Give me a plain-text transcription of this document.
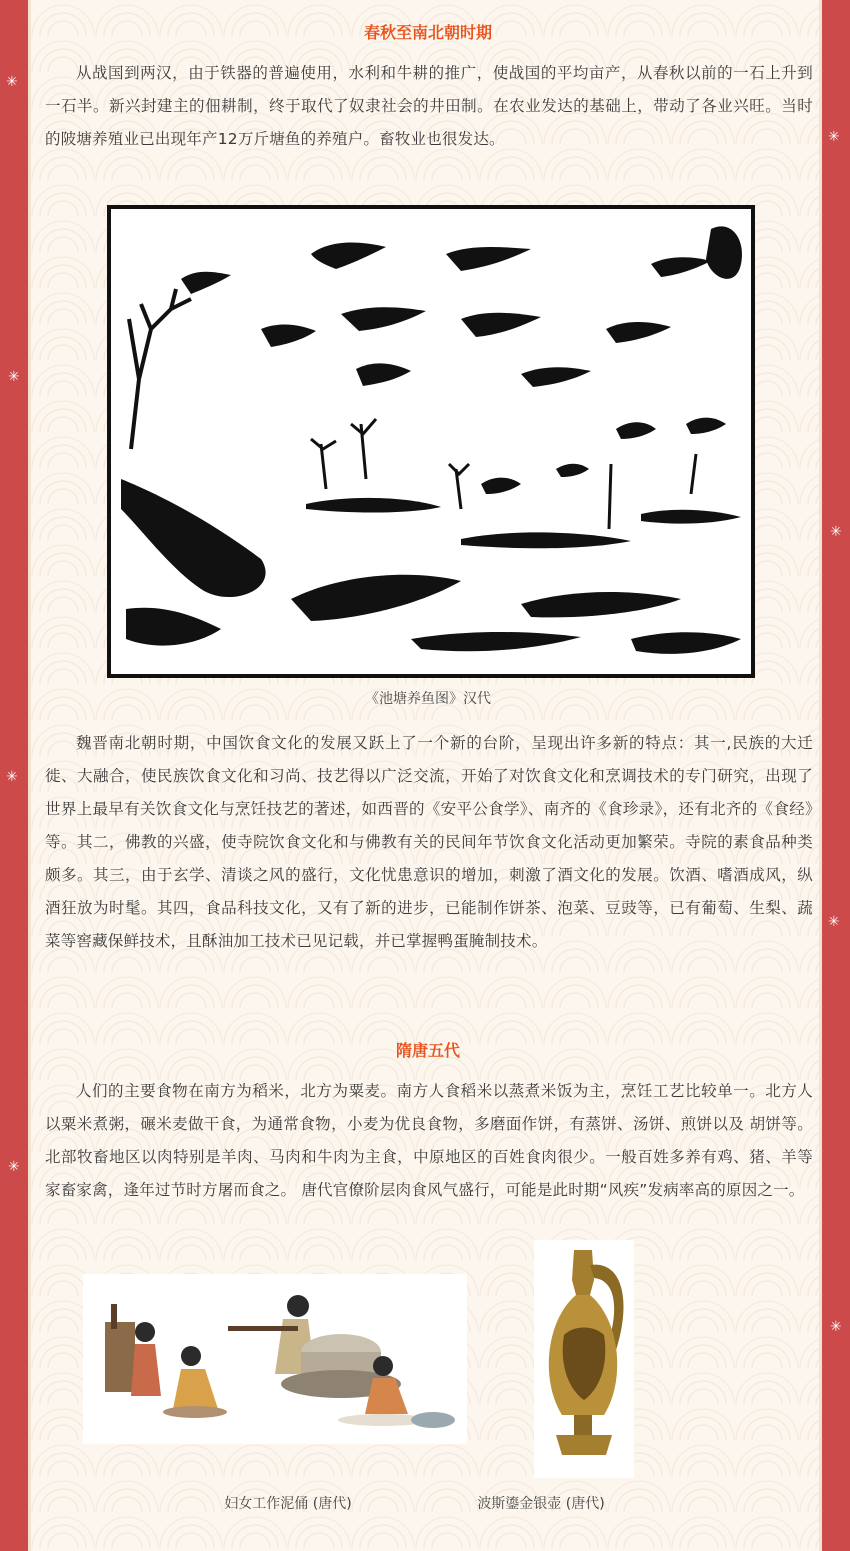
春秋至南北朝时期

从战国到两汉，由于铁器的普遍使用，水利和牛耕的推广，使战国的平均亩产，从春秋以前的一石上升到一石半。新兴封建主的佃耕制，终于取代了奴隶社会的井田制。在农业发达的基础上，带动了各业兴旺。当时的陂塘养殖业已出现年产12万斤塘鱼的养殖户。畜牧业也很发达。

《池塘养鱼图》汉代

魏晋南北朝时期，中国饮食文化的发展又跃上了一个新的台阶，呈现出许多新的特点：其一,民族的大迁徙、大融合，使民族饮食文化和习尚、技艺得以广泛交流，开始了对饮食文化和烹调技术的专门研究，出现了世界上最早有关饮食文化与烹饪技艺的著述，如西晋的《安平公食学》、南齐的《食珍录》，还有北齐的《食经》等。其二，佛教的兴盛，使寺院饮食文化和与佛教有关的民间年节饮食文化活动更加繁荣。寺院的素食品种类颇多。其三，由于玄学、清谈之风的盛行，文化忧患意识的增加，刺激了酒文化的发展。饮酒、嗜酒成风，纵酒狂放为时髦。其四，食品科技文化，又有了新的进步，已能制作饼茶、泡菜、豆豉等，已有葡萄、生梨、蔬菜等窖藏保鲜技术，且酥油加工技术已见记载，并已掌握鸭蛋腌制技术。

隋唐五代

人们的主要食物在南方为稻米，北方为粟麦。南方人食稻米以蒸煮米饭为主，烹饪工艺比较单一。北方人以粟米煮粥，碾米麦做干食，为通常食物，小麦为优良食物，多磨面作饼，有蒸饼、汤饼、煎饼以及 胡饼等。北部牧畜地区以肉特别是羊肉、马肉和牛肉为主食，中原地区的百姓食肉很少。一般百姓多养有鸡、猪、羊等家畜家禽，逢年过节时方屠而食之。 唐代官僚阶层肉食风气盛行，可能是此时期“风疾”发病率高的原因之一。

妇女工作泥俑 (唐代)	波斯鎏金银壶 (唐代)
✳
✳
✳
✳
✳
✳
✳
✳
